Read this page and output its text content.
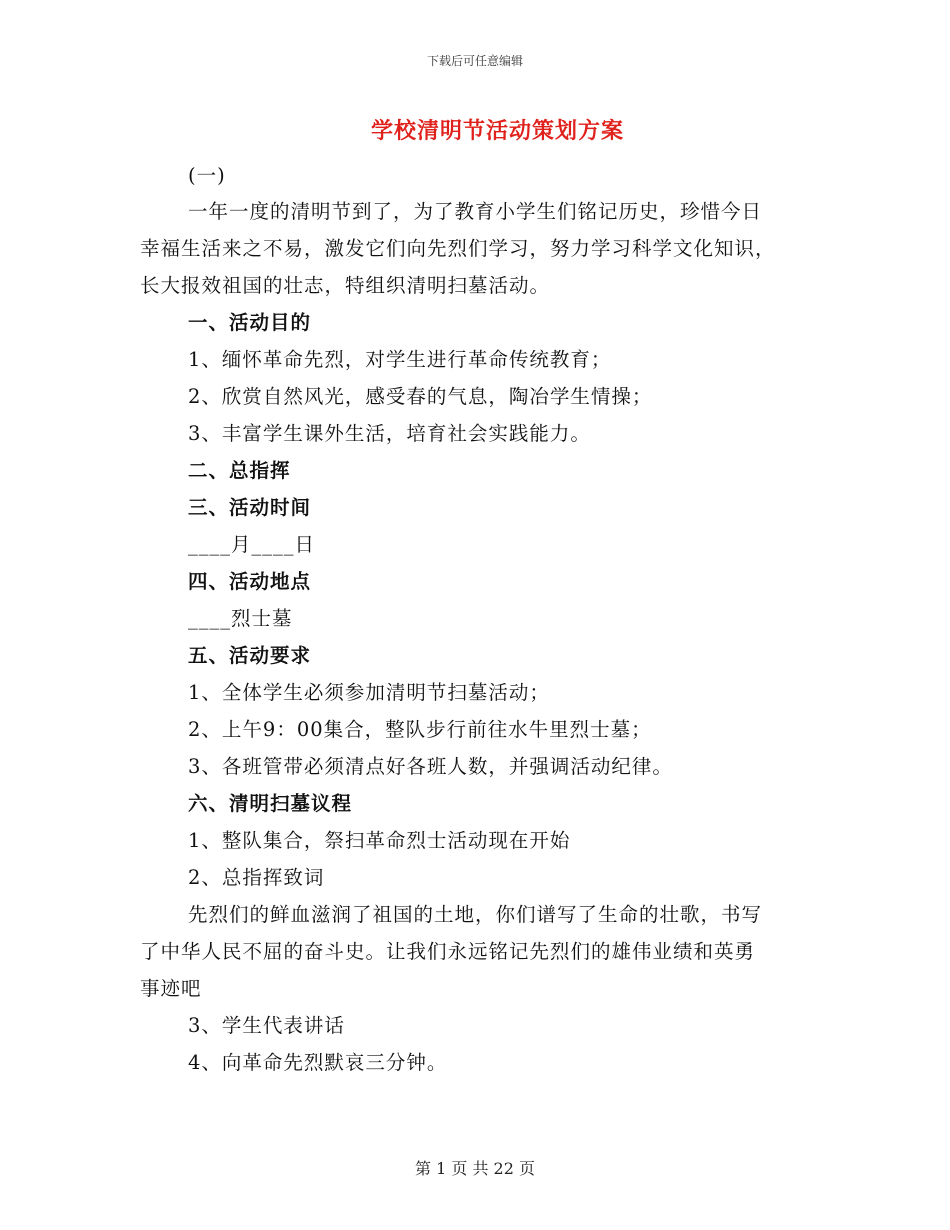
下载后可任意编辑
学校清明节活动策划方案
(一)
一年一度的清明节到了，为了教育小学生们铭记历史，珍惜今日
幸福生活来之不易，激发它们向先烈们学习，努力学习科学文化知识，
长大报效祖国的壮志，特组织清明扫墓活动。
一、活动目的
1、缅怀革命先烈，对学生进行革命传统教育；
2、欣赏自然风光，感受春的气息，陶冶学生情操；
3、丰富学生课外生活，培育社会实践能力。
二、总指挥
三、活动时间
____月____日
四、活动地点
____烈士墓
五、活动要求
1、全体学生必须参加清明节扫墓活动；
2、上午9：00集合，整队步行前往水牛里烈士墓；
3、各班管带必须清点好各班人数，并强调活动纪律。
六、清明扫墓议程
1、整队集合，祭扫革命烈士活动现在开始
2、总指挥致词
先烈们的鲜血滋润了祖国的土地，你们谱写了生命的壮歌，书写
了中华人民不屈的奋斗史。让我们永远铭记先烈们的雄伟业绩和英勇
事迹吧
3、学生代表讲话
4、向革命先烈默哀三分钟。
第 1 页 共 22 页
